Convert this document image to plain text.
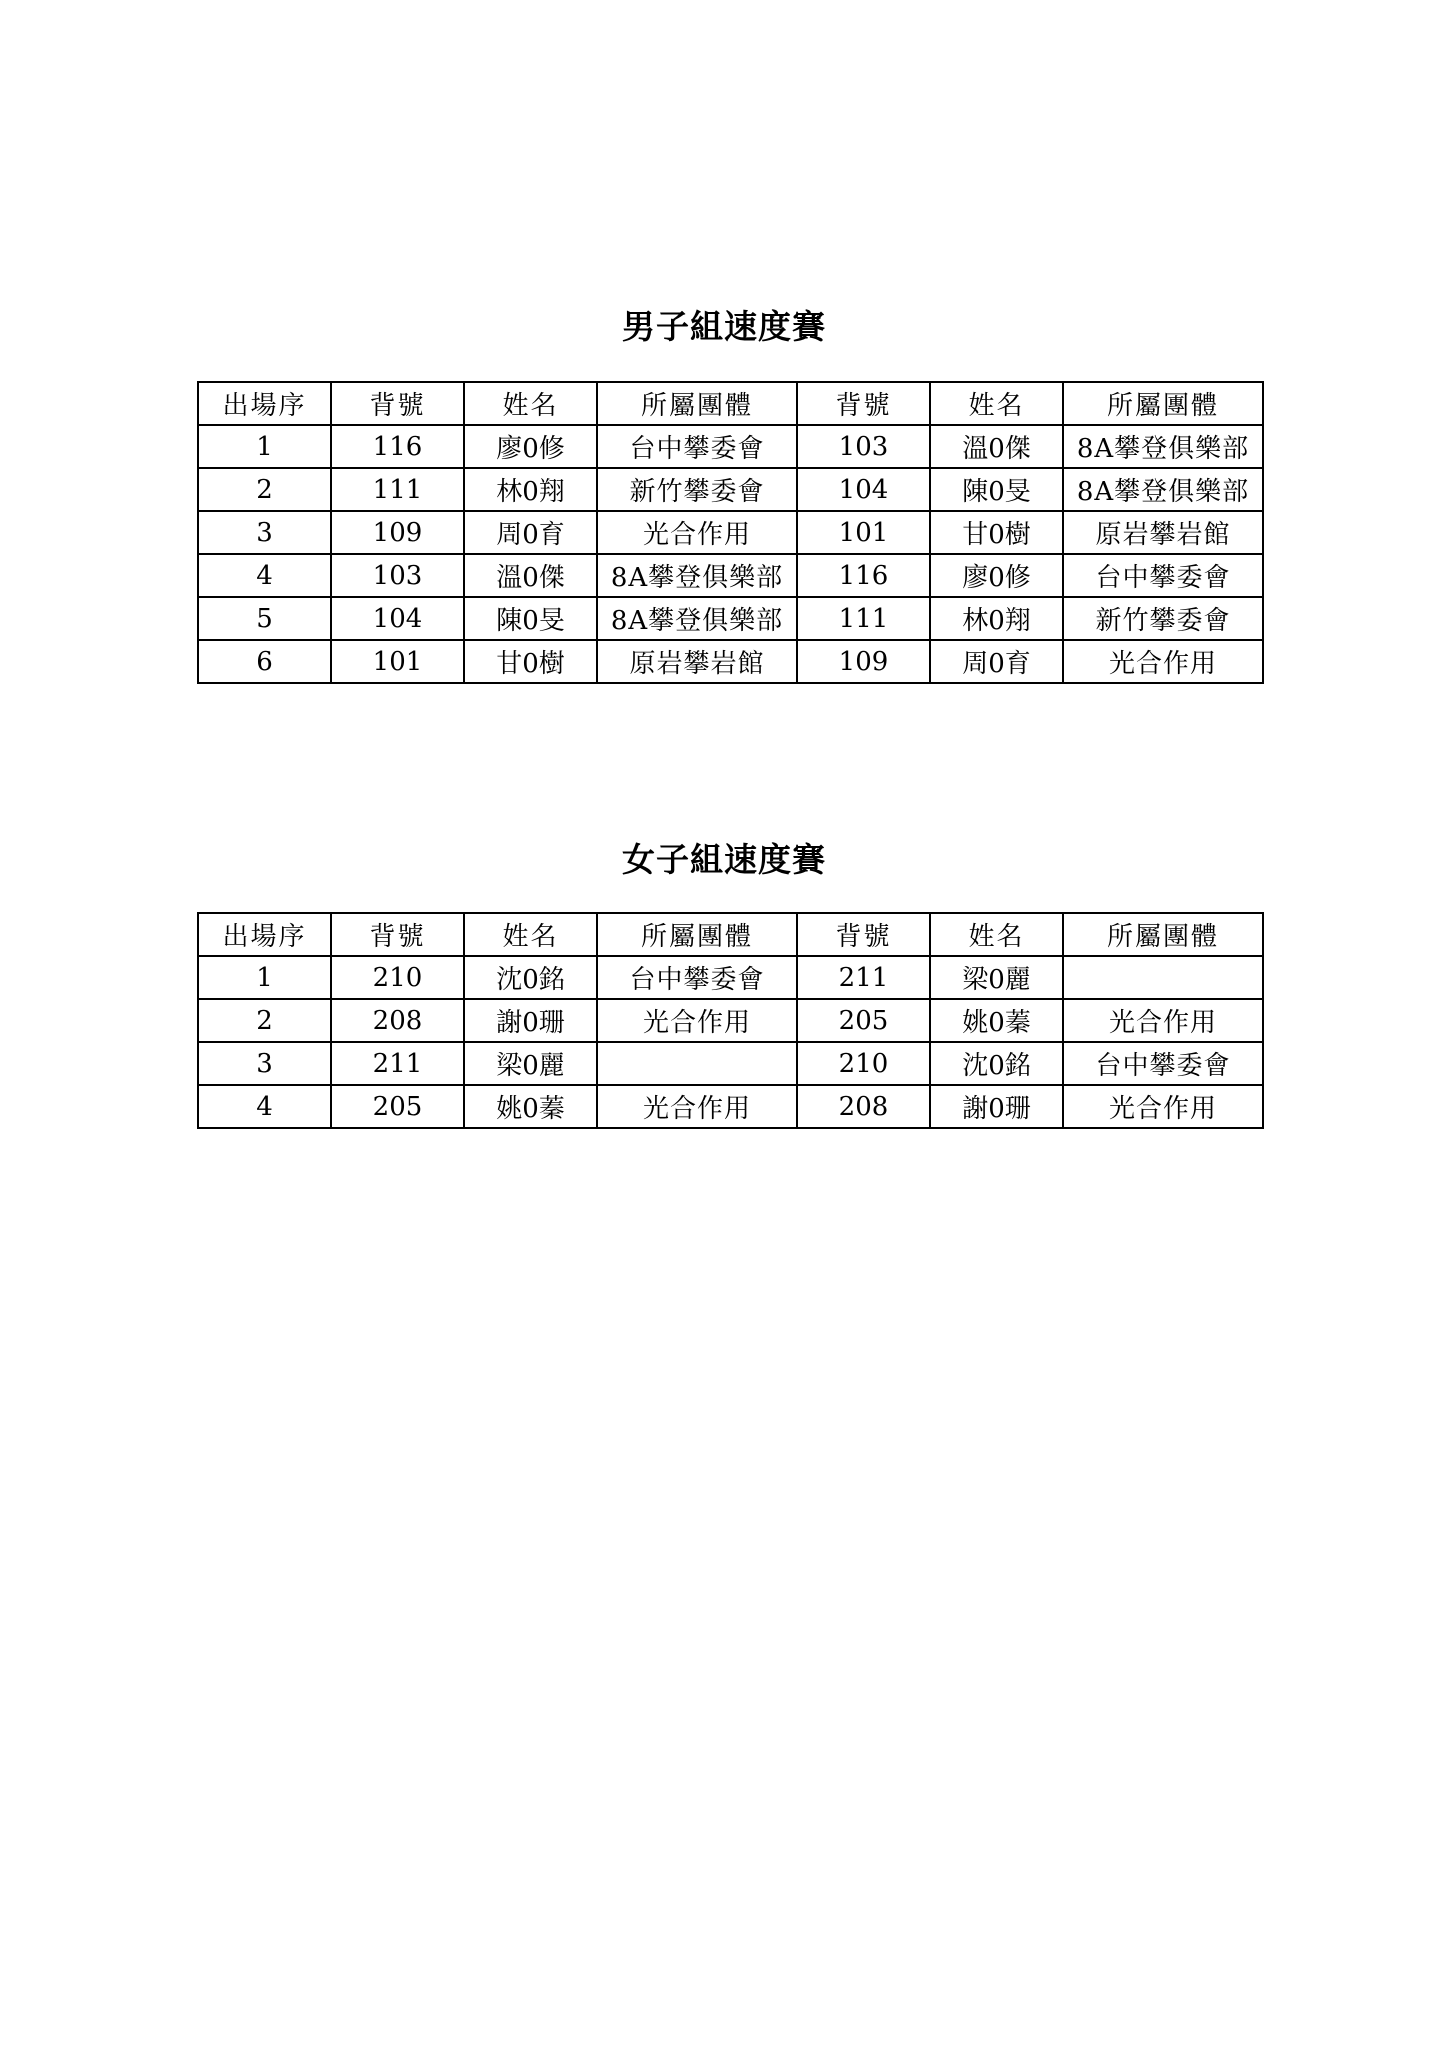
男子組速度賽
出場序	背號	姓名	所屬團體	背號	姓名	所屬團體
1	116	廖0修	台中攀委會	103	溫0傑	8A攀登俱樂部
2	111	林0翔	新竹攀委會	104	陳0旻	8A攀登俱樂部
3	109	周0育	光合作用	101	甘0樹	原岩攀岩館
4	103	溫0傑	8A攀登俱樂部	116	廖0修	台中攀委會
5	104	陳0旻	8A攀登俱樂部	111	林0翔	新竹攀委會
6	101	甘0樹	原岩攀岩館	109	周0育	光合作用
女子組速度賽
出場序	背號	姓名	所屬團體	背號	姓名	所屬團體
1	210	沈0銘	台中攀委會	211	梁0麗	
2	208	謝0珊	光合作用	205	姚0蓁	光合作用
3	211	梁0麗		210	沈0銘	台中攀委會
4	205	姚0蓁	光合作用	208	謝0珊	光合作用
